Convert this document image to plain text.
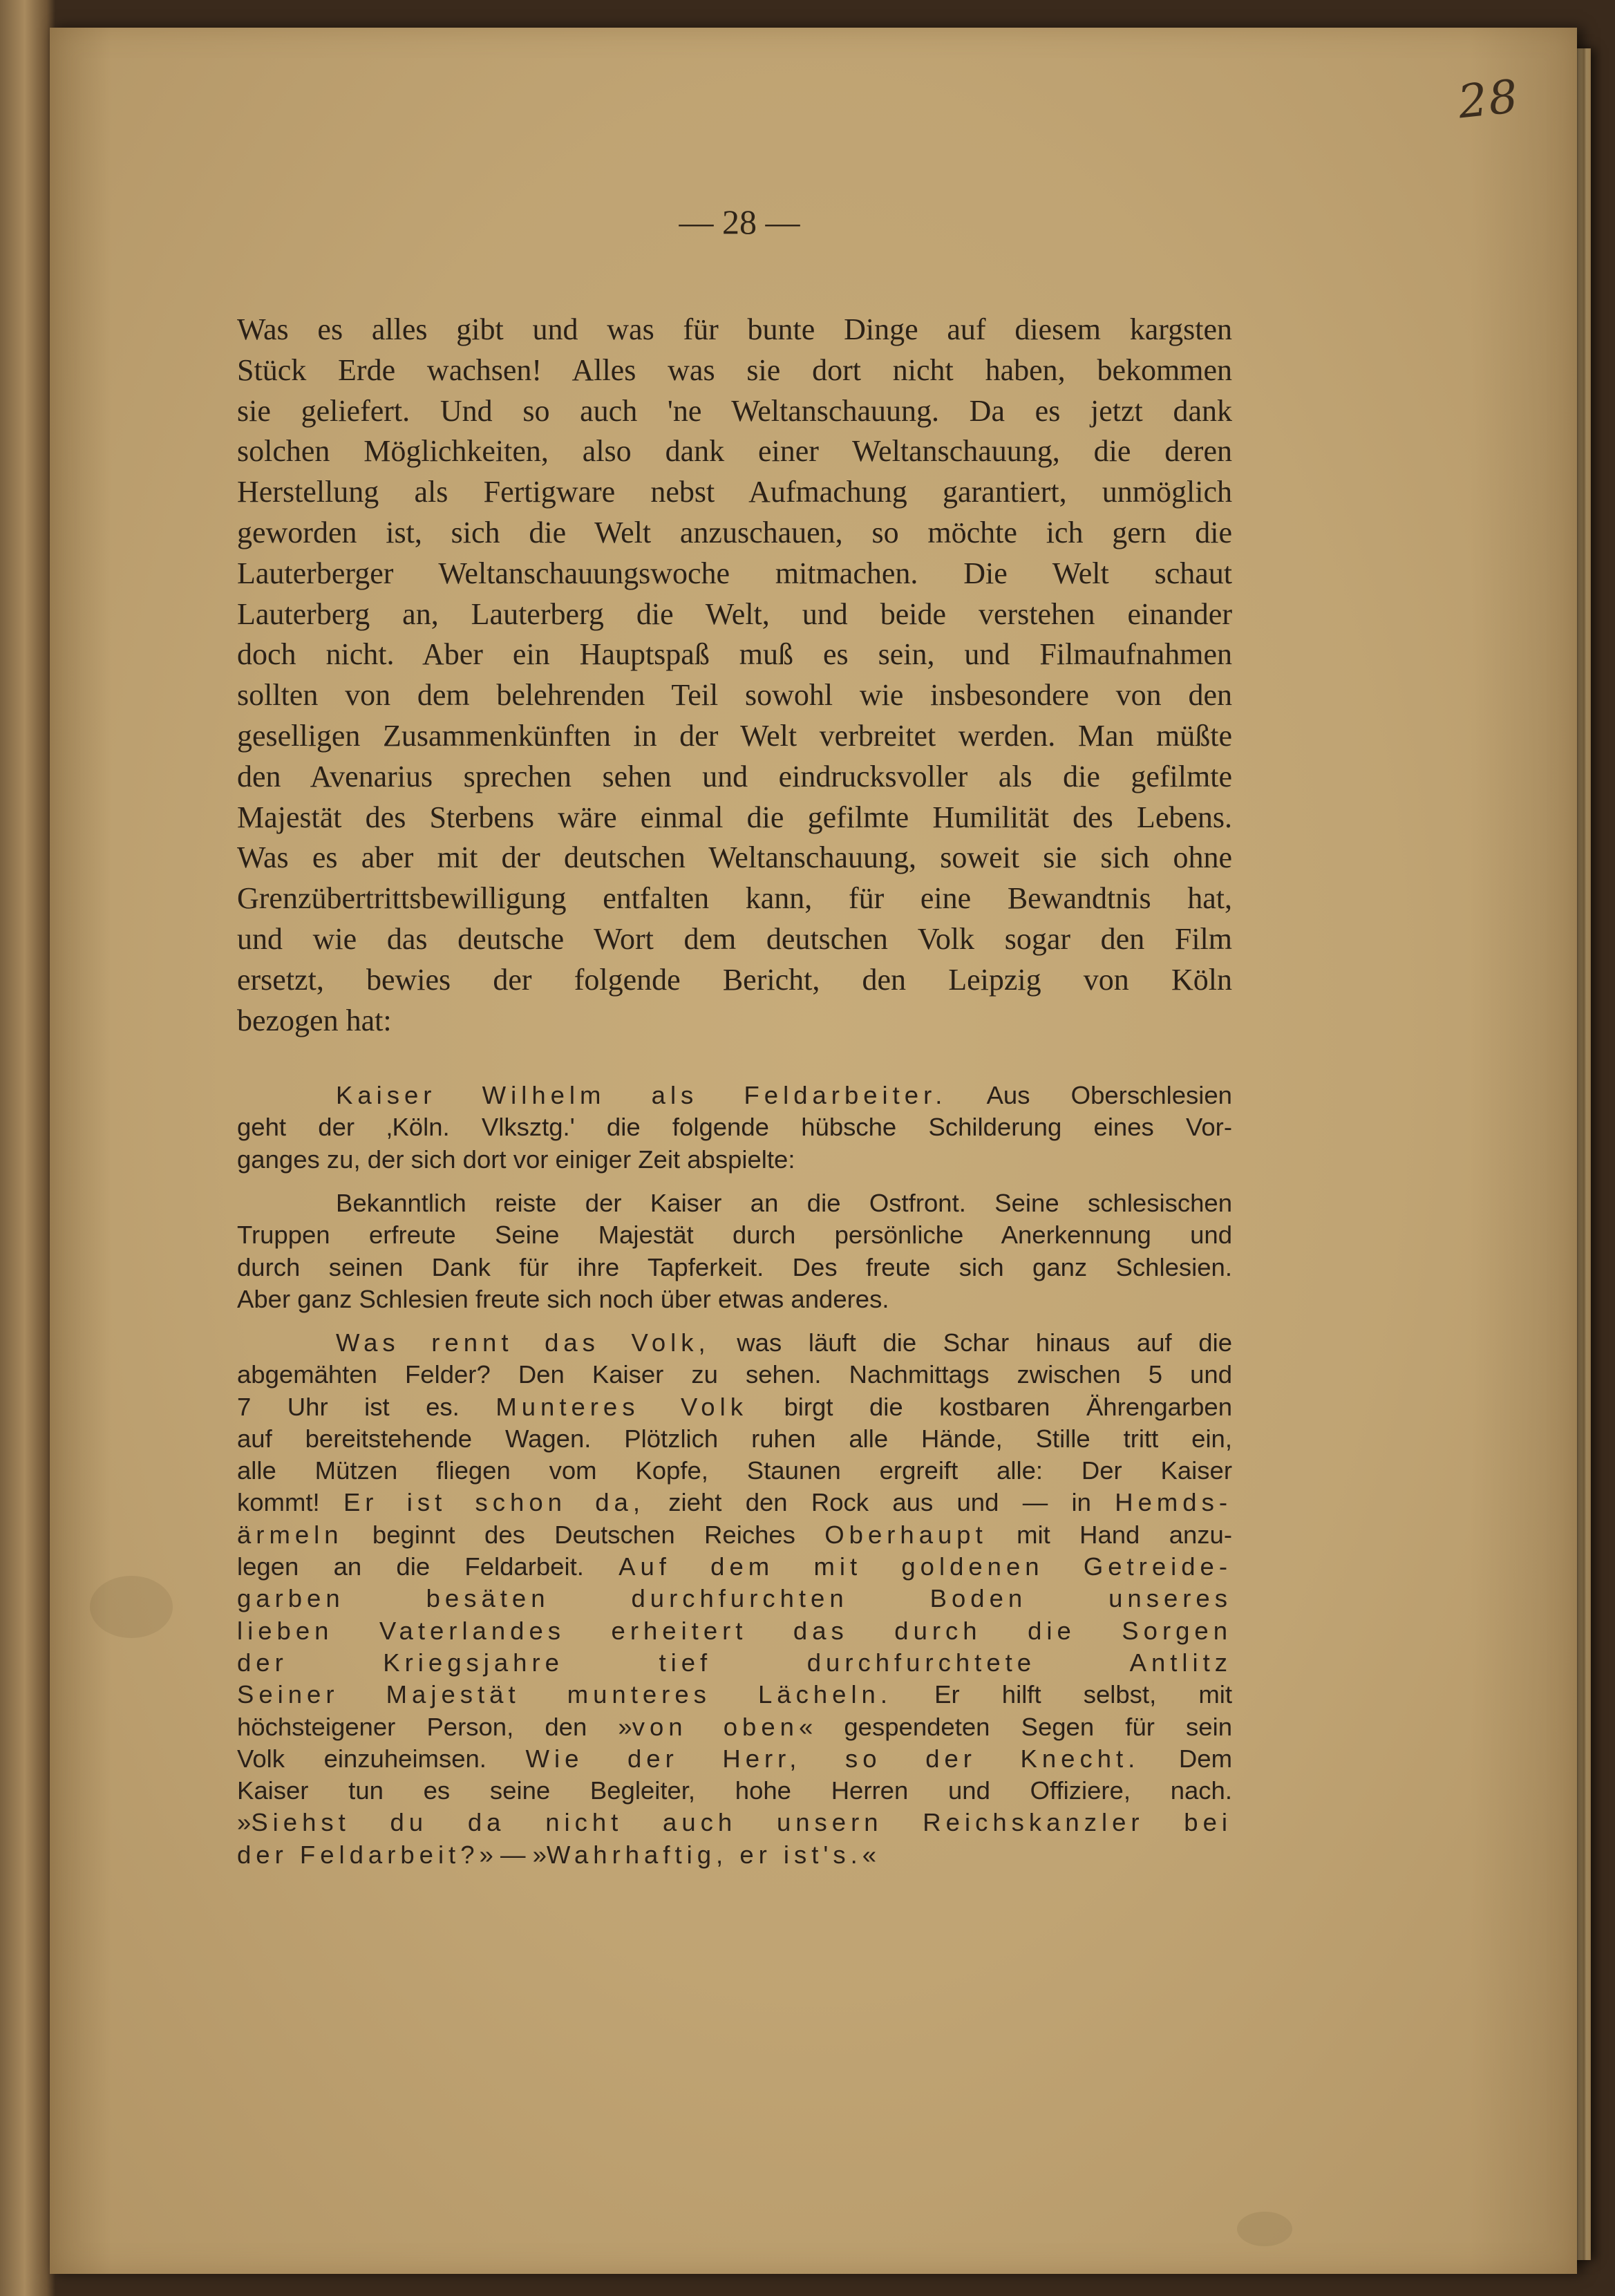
28
— 28 —
Was es alles gibt und was für bunte Dinge auf diesem kargsten
Stück Erde wachsen! Alles was sie dort nicht haben, bekommen
sie geliefert. Und so auch 'ne Weltanschauung. Da es jetzt dank
solchen Möglichkeiten, also dank einer Weltanschauung, die deren
Herstellung als Fertigware nebst Aufmachung garantiert, unmöglich
geworden ist, sich die Welt anzuschauen, so möchte ich gern die
Lauterberger Weltanschauungswoche mitmachen. Die Welt schaut
Lauterberg an, Lauterberg die Welt, und beide verstehen einander
doch nicht. Aber ein Hauptspaß muß es sein, und Filmaufnahmen
sollten von dem belehrenden Teil sowohl wie insbesondere von den
geselligen Zusammenkünften in der Welt verbreitet werden. Man müßte
den Avenarius sprechen sehen und eindrucksvoller als die gefilmte
Majestät des Sterbens wäre einmal die gefilmte Humilität des Lebens.
Was es aber mit der deutschen Weltanschauung, soweit sie sich ohne
Grenzübertrittsbewilligung entfalten kann, für eine Bewandtnis hat,
und wie das deutsche Wort dem deutschen Volk sogar den Film
ersetzt, bewies der folgende Bericht, den Leipzig von Köln
bezogen hat:
Kaiser Wilhelm als Feldarbeiter. Aus Oberschlesien
geht der ‚Köln. Vlksztg.' die folgende hübsche Schilderung eines Vor-
ganges zu, der sich dort vor einiger Zeit abspielte:
Bekanntlich reiste der Kaiser an die Ostfront. Seine schlesischen
Truppen erfreute Seine Majestät durch persönliche Anerkennung und
durch seinen Dank für ihre Tapferkeit. Des freute sich ganz Schlesien.
Aber ganz Schlesien freute sich noch über etwas anderes.
Was rennt das Volk, was läuft die Schar hinaus auf die
abgemähten Felder? Den Kaiser zu sehen. Nachmittags zwischen 5 und
7 Uhr ist es. Munteres Volk birgt die kostbaren Ährengarben
auf bereitstehende Wagen. Plötzlich ruhen alle Hände, Stille tritt ein,
alle Mützen fliegen vom Kopfe, Staunen ergreift alle: Der Kaiser
kommt! Er ist schon da, zieht den Rock aus und — in Hemds-
ärmeln beginnt des Deutschen Reiches Oberhaupt mit Hand anzu-
legen an die Feldarbeit. Auf dem mit goldenen Getreide-
garben besäten durchfurchten Boden unseres
lieben Vaterlandes erheitert das durch die Sorgen
der Kriegsjahre tief durchfurchtete Antlitz
Seiner Majestät munteres Lächeln. Er hilft selbst, mit
höchsteigener Person, den »von oben« gespendeten Segen für sein
Volk einzuheimsen. Wie der Herr, so der Knecht. Dem
Kaiser tun es seine Begleiter, hohe Herren und Offiziere, nach.
»Siehst du da nicht auch unsern Reichskanzler bei
der Feldarbeit?» — »Wahrhaftig, er ist's.«
